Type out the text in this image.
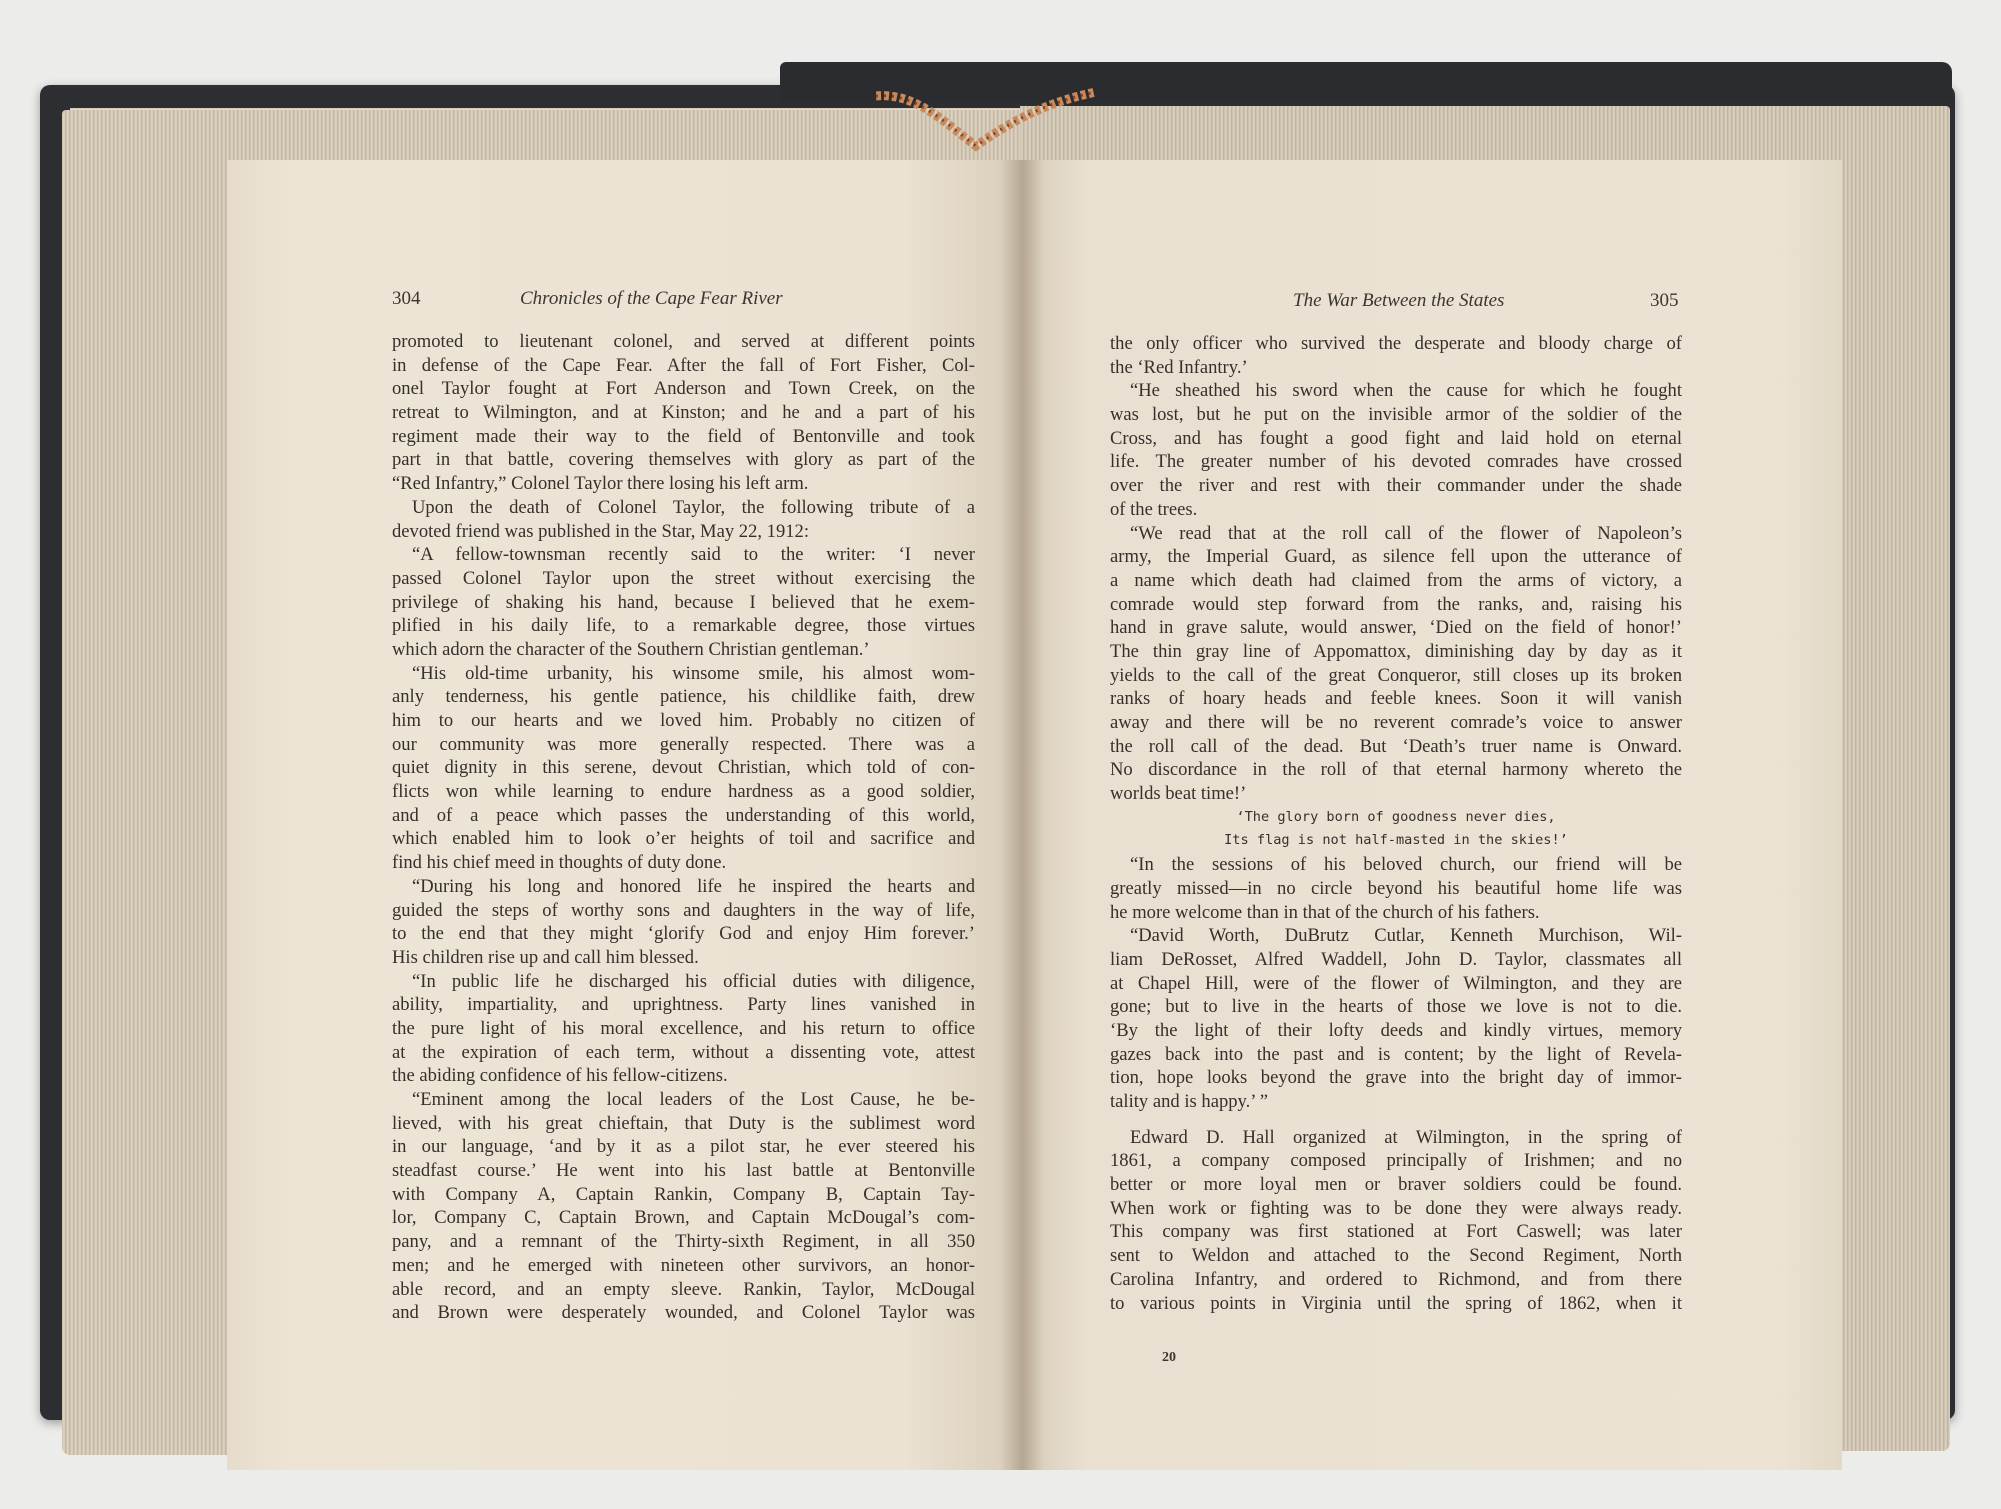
304	Chronicles of the Cape Fear River
promoted to lieutenant colonel, and served at different points
in defense of the Cape Fear. After the fall of Fort Fisher, Col-
onel Taylor fought at Fort Anderson and Town Creek, on the
retreat to Wilmington, and at Kinston; and he and a part of his
regiment made their way to the field of Bentonville and took
part in that battle, covering themselves with glory as part of the
“Red Infantry,” Colonel Taylor there losing his left arm.
Upon the death of Colonel Taylor, the following tribute of a
devoted friend was published in the Star, May 22, 1912:
“A fellow-townsman recently said to the writer: ‘I never
passed Colonel Taylor upon the street without exercising the
privilege of shaking his hand, because I believed that he exem-
plified in his daily life, to a remarkable degree, those virtues
which adorn the character of the Southern Christian gentleman.’
“His old-time urbanity, his winsome smile, his almost wom-
anly tenderness, his gentle patience, his childlike faith, drew
him to our hearts and we loved him. Probably no citizen of
our community was more generally respected. There was a
quiet dignity in this serene, devout Christian, which told of con-
flicts won while learning to endure hardness as a good soldier,
and of a peace which passes the understanding of this world,
which enabled him to look o’er heights of toil and sacrifice and
find his chief meed in thoughts of duty done.
“During his long and honored life he inspired the hearts and
guided the steps of worthy sons and daughters in the way of life,
to the end that they might ‘glorify God and enjoy Him forever.’
His children rise up and call him blessed.
“In public life he discharged his official duties with diligence,
ability, impartiality, and uprightness. Party lines vanished in
the pure light of his moral excellence, and his return to office
at the expiration of each term, without a dissenting vote, attest
the abiding confidence of his fellow-citizens.
“Eminent among the local leaders of the Lost Cause, he be-
lieved, with his great chieftain, that Duty is the sublimest word
in our language, ‘and by it as a pilot star, he ever steered his
steadfast course.’ He went into his last battle at Bentonville
with Company A, Captain Rankin, Company B, Captain Tay-
lor, Company C, Captain Brown, and Captain McDougal’s com-
pany, and a remnant of the Thirty-sixth Regiment, in all 350
men; and he emerged with nineteen other survivors, an honor-
able record, and an empty sleeve. Rankin, Taylor, McDougal
and Brown were desperately wounded, and Colonel Taylor was
The War Between the States	305
the only officer who survived the desperate and bloody charge of
the ‘Red Infantry.’
“He sheathed his sword when the cause for which he fought
was lost, but he put on the invisible armor of the soldier of the
Cross, and has fought a good fight and laid hold on eternal
life. The greater number of his devoted comrades have crossed
over the river and rest with their commander under the shade
of the trees.
“We read that at the roll call of the flower of Napoleon’s
army, the Imperial Guard, as silence fell upon the utterance of
a name which death had claimed from the arms of victory, a
comrade would step forward from the ranks, and, raising his
hand in grave salute, would answer, ‘Died on the field of honor!’
The thin gray line of Appomattox, diminishing day by day as it
yields to the call of the great Conqueror, still closes up its broken
ranks of hoary heads and feeble knees. Soon it will vanish
away and there will be no reverent comrade’s voice to answer
the roll call of the dead. But ‘Death’s truer name is Onward.
No discordance in the roll of that eternal harmony whereto the
worlds beat time!’
‘The glory born of goodness never dies,
Its flag is not half-masted in the skies!’
“In the sessions of his beloved church, our friend will be
greatly missed—in no circle beyond his beautiful home life was
he more welcome than in that of the church of his fathers.
“David Worth, DuBrutz Cutlar, Kenneth Murchison, Wil-
liam DeRosset, Alfred Waddell, John D. Taylor, classmates all
at Chapel Hill, were of the flower of Wilmington, and they are
gone; but to live in the hearts of those we love is not to die.
‘By the light of their lofty deeds and kindly virtues, memory
gazes back into the past and is content; by the light of Revela-
tion, hope looks beyond the grave into the bright day of immor-
tality and is happy.’ ”
Edward D. Hall organized at Wilmington, in the spring of
1861, a company composed principally of Irishmen; and no
better or more loyal men or braver soldiers could be found.
When work or fighting was to be done they were always ready.
This company was first stationed at Fort Caswell; was later
sent to Weldon and attached to the Second Regiment, North
Carolina Infantry, and ordered to Richmond, and from there
to various points in Virginia until the spring of 1862, when it
20
